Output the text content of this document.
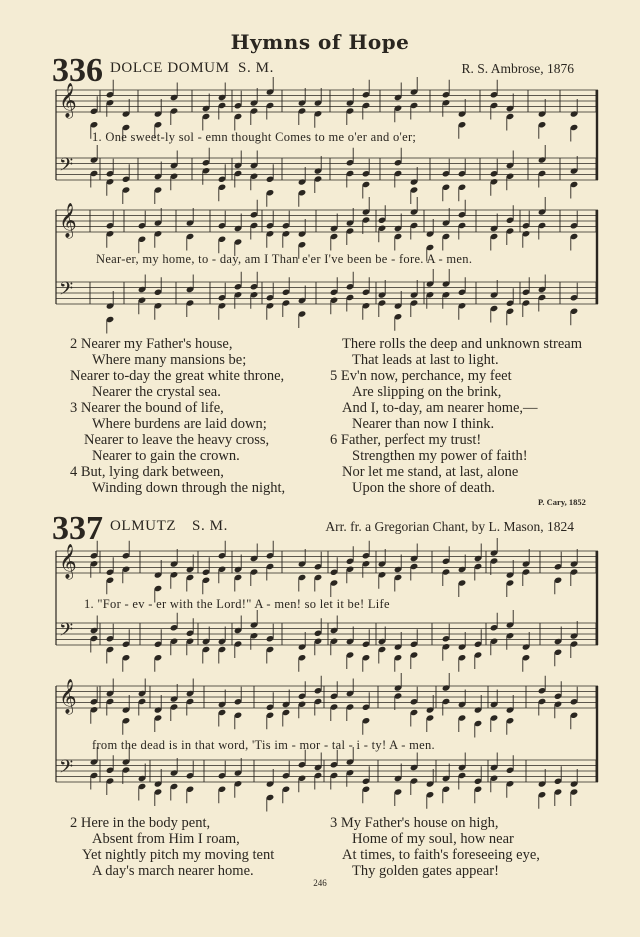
𝄞
𝄢
𝄞
𝄢
𝄞
𝄢
𝄞
𝄢
Hymns of Hope
336 DOLCE DOMUM S. M.	R. S. Ambrose, 1876
1. One sweet-ly sol - emn thought Comes to me o'er and o'er;
Near-er, my home, to - day, am I Than e'er I've been be - fore. A - men.
2 Nearer my Father's house,
Where many mansions be;
Nearer to-day the great white throne,
Nearer the crystal sea.
3 Nearer the bound of life,
Where burdens are laid down;
Nearer to leave the heavy cross,
Nearer to gain the crown.
4 But, lying dark between,
Winding down through the night,
There rolls the deep and unknown stream
That leads at last to light.
5 Ev'n now, perchance, my feet
Are slipping on the brink,
And I, to-day, am nearer home,—
Nearer than now I think.
6 Father, perfect my trust!
Strengthen my power of faith!
Nor let me stand, at last, alone
Upon the shore of death.
P. Cary, 1852
337 OLMUTZ S. M.	Arr. fr. a Gregorian Chant, by L. Mason, 1824
1. "For - ev - er with the Lord!" A - men! so let it be! Life
from the dead is in that word, 'Tis im - mor - tal - i - ty! A - men.
2 Here in the body pent,
Absent from Him I roam,
Yet nightly pitch my moving tent
A day's march nearer home.
3 My Father's house on high,
Home of my soul, how near
At times, to faith's foreseeing eye,
Thy golden gates appear!
246
